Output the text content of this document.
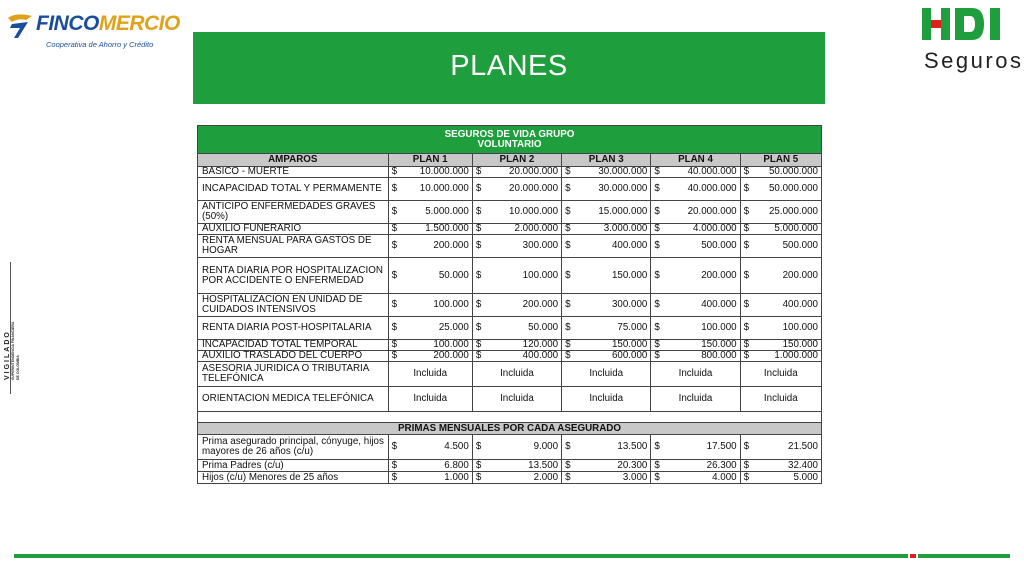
FINCOMERCIO
Cooperativa de Ahorro y Crédito
Seguros
PLANES
VIGILADO SUPERINTENDENCIA FINANCIERA DE COLOMBIA
SEGUROS DE VIDA GRUPO
VOLUNTARIO					

AMPAROS	PLAN 1	PLAN 2	PLAN 3	PLAN 4	PLAN 5
BASICO - MUERTE	$ 10.000.000	$ 20.000.000	$ 30.000.000	$ 40.000.000	$ 50.000.000

INCAPACIDAD TOTAL Y PERMAMENTE	$ 10.000.000	$ 20.000.000	$ 30.000.000	$ 40.000.000	$ 50.000.000

ANTICIPO ENFERMEDADES GRAVES (50%)	$ 5.000.000	$ 10.000.000	$ 15.000.000	$ 20.000.000	$ 25.000.000

AUXILIO FUNERARIO	$ 1.500.000	$ 2.000.000	$ 3.000.000	$ 4.000.000	$ 5.000.000

RENTA MENSUAL PARA GASTOS DE HOGAR	$ 200.000	$ 300.000	$ 400.000	$ 500.000	$ 500.000

RENTA DIARIA POR HOSPITALIZACION POR ACCIDENTE O ENFERMEDAD	$ 50.000	$ 100.000	$ 150.000	$ 200.000	$ 200.000

HOSPITALIZACION EN UNIDAD DE CUIDADOS INTENSIVOS	$ 100.000	$ 200.000	$ 300.000	$ 400.000	$ 400.000

RENTA DIARIA POST-HOSPITALARIA	$ 25.000	$ 50.000	$ 75.000	$ 100.000	$ 100.000

INCAPACIDAD TOTAL TEMPORAL	$ 100.000	$ 120.000	$ 150.000	$ 150.000	$ 150.000

AUXILIO TRASLADO DEL CUERPO	$ 200.000	$ 400.000	$ 600.000	$ 800.000	$ 1.000.000

ASESORIA JURIDICA O TRIBUTARIA TELEFÓNICA	Incluida	Incluida	Incluida	Incluida	Incluida
ORIENTACION MEDICA TELEFÓNICA	Incluida	Incluida	Incluida	Incluida	Incluida

PRIMAS MENSUALES POR CADA ASEGURADO					
Prima asegurado principal, cónyuge, hijos mayores de 26 años (c/u)	$ 4.500	$ 9.000	$ 13.500	$ 17.500	$ 21.500

Prima Padres (c/u)	$ 6.800	$ 13.500	$ 20.300	$ 26.300	$ 32.400

Hijos (c/u) Menores de 25 años	$ 1.000	$ 2.000	$ 3.000	$ 4.000	$ 5.000
